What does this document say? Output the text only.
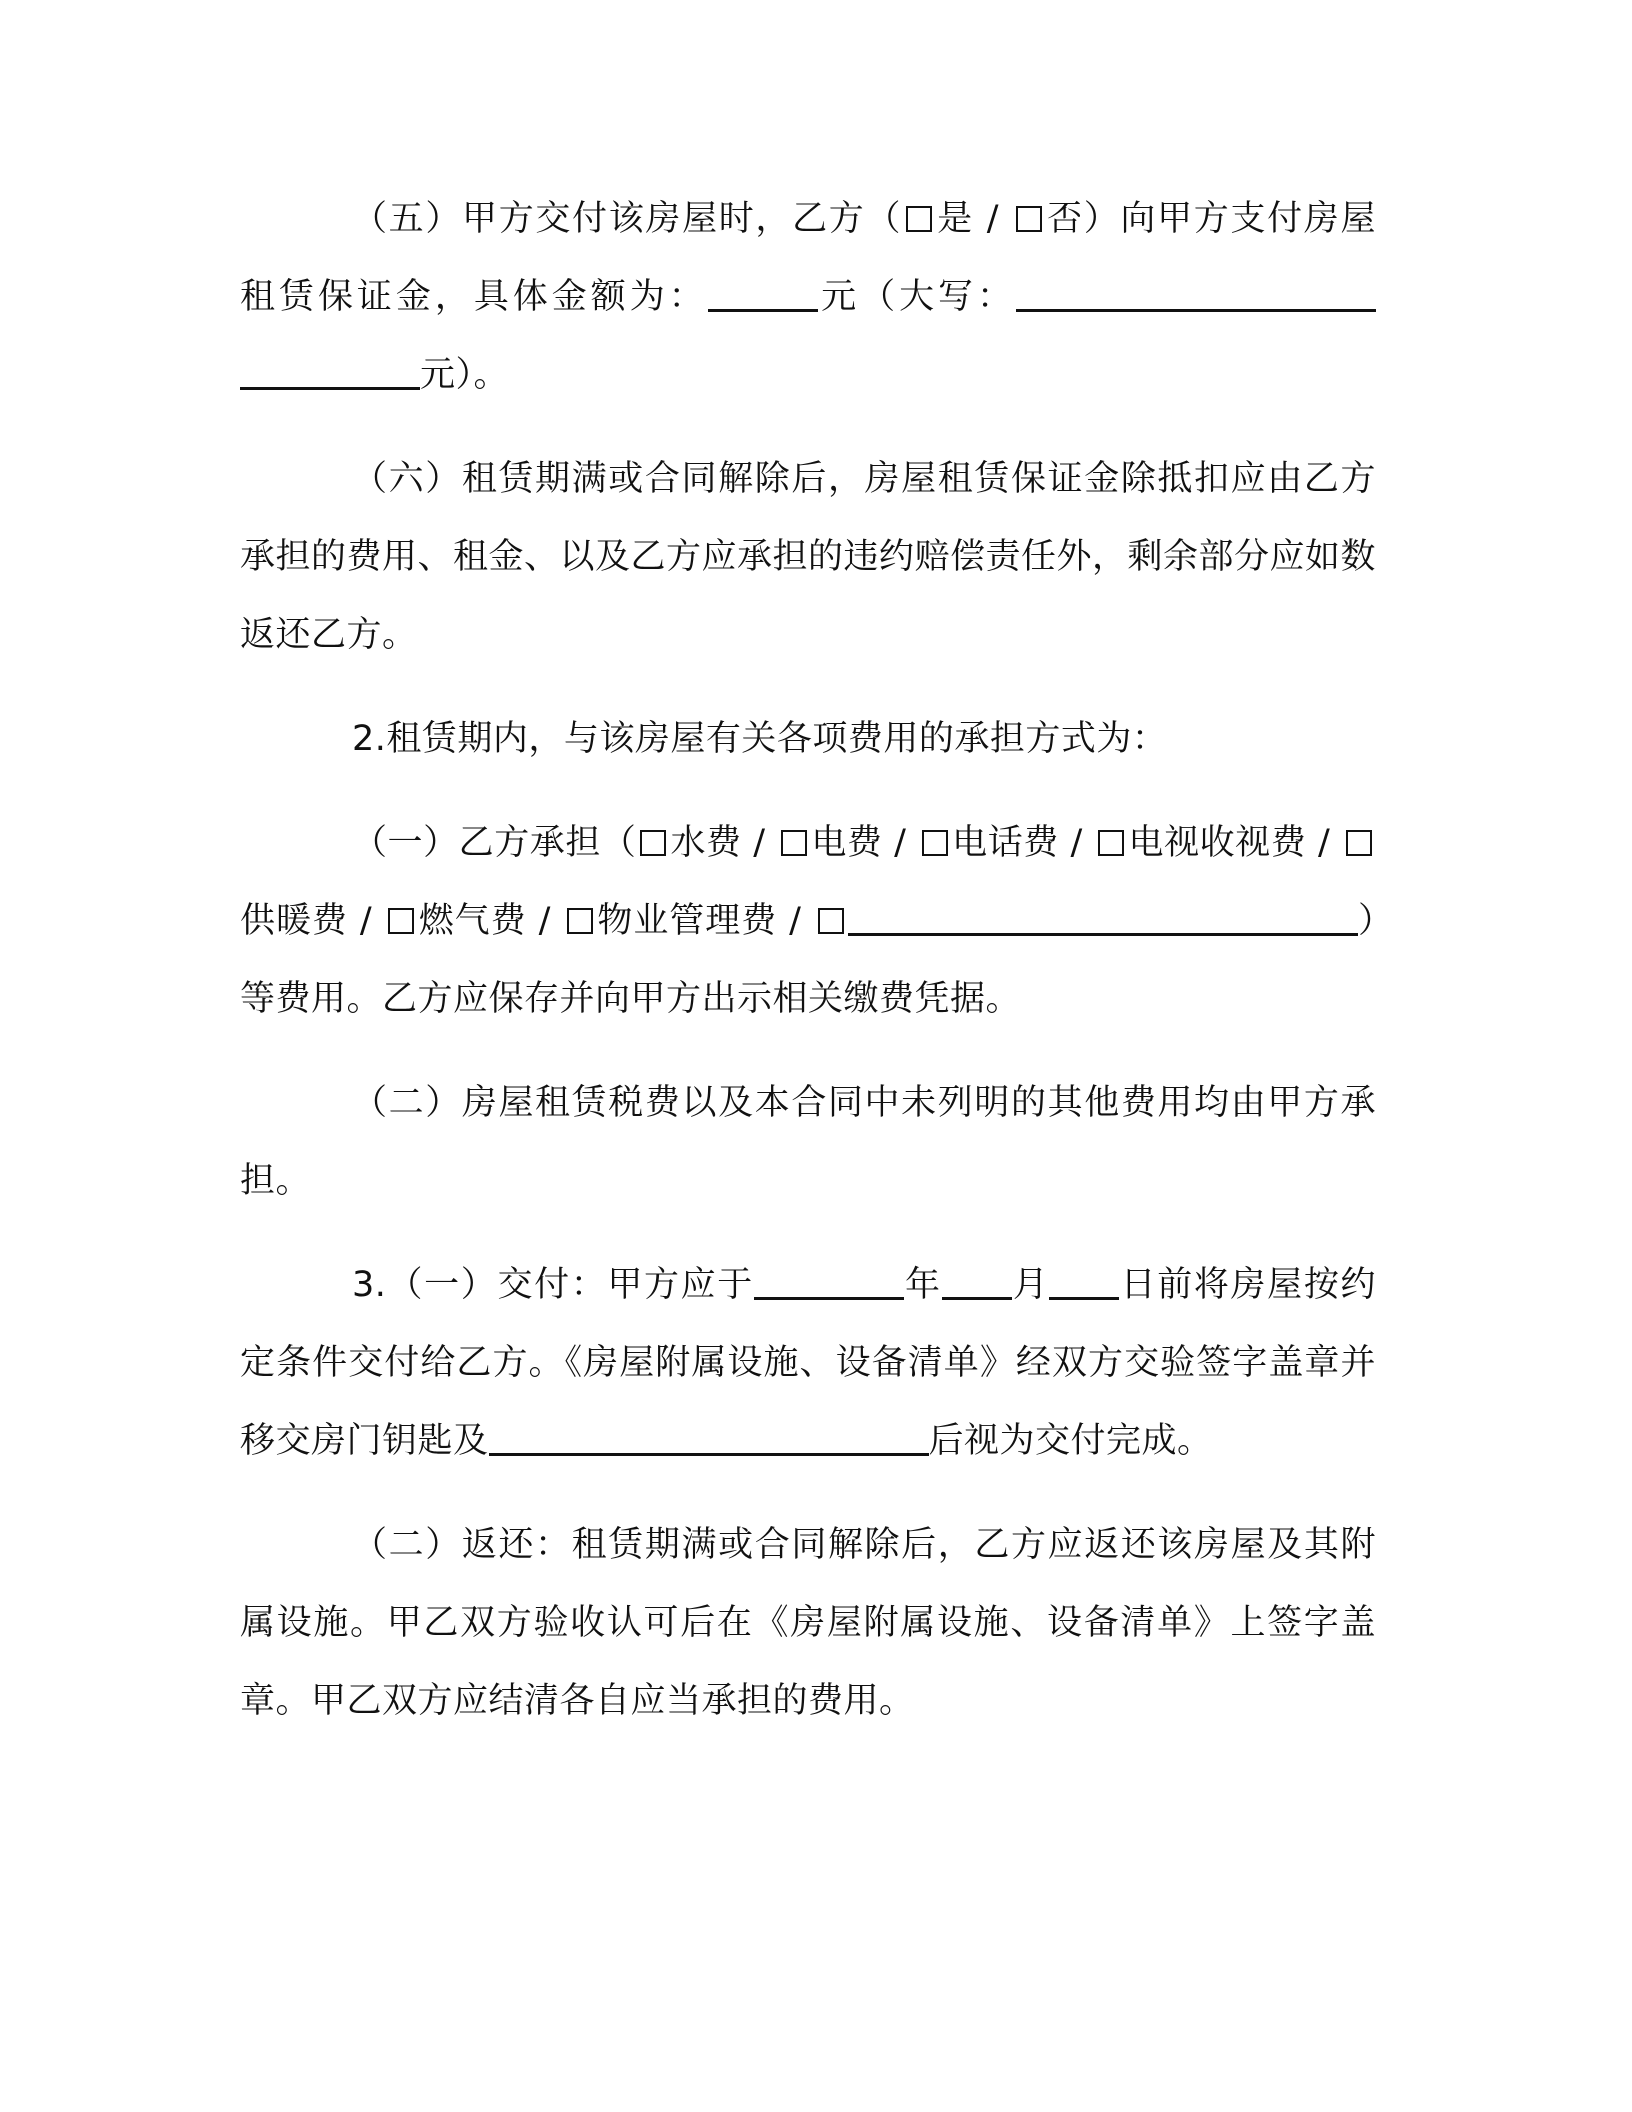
（五）甲方交付该房屋时，乙方（ 是 / 否）向甲方支付房屋租赁保证金，具体金额为：	元（大写：元）。

（六）租赁期满或合同解除后，房屋租赁保证金除抵扣应由乙方承担的费用、租金、以及乙方应承担的违约赔偿责任外，剩余部分应如数返还乙方。

2.租赁期内，与该房屋有关各项费用的承担方式为：

（一）乙方承担（ 水费 / 电费 / 电话费 / 电视收视费 / 供暖费 / 燃气费 / 物业管理费 /	）等费用。乙方应保存并向甲方出示相关缴费凭据。

（二）房屋租赁税费以及本合同中未列明的其他费用均由甲方承担。

3.（一）交付：甲方应于	年 月 日前将房屋按约定条件交付给乙方。《房屋附属设施、设备清单》经双方交验签字盖章并移交房门钥匙及	后视为交付完成。

（二）返还：租赁期满或合同解除后，乙方应返还该房屋及其附属设施。甲乙双方验收认可后在《房屋附属设施、设备清单》上签字盖章。甲乙双方应结清各自应当承担的费用。
